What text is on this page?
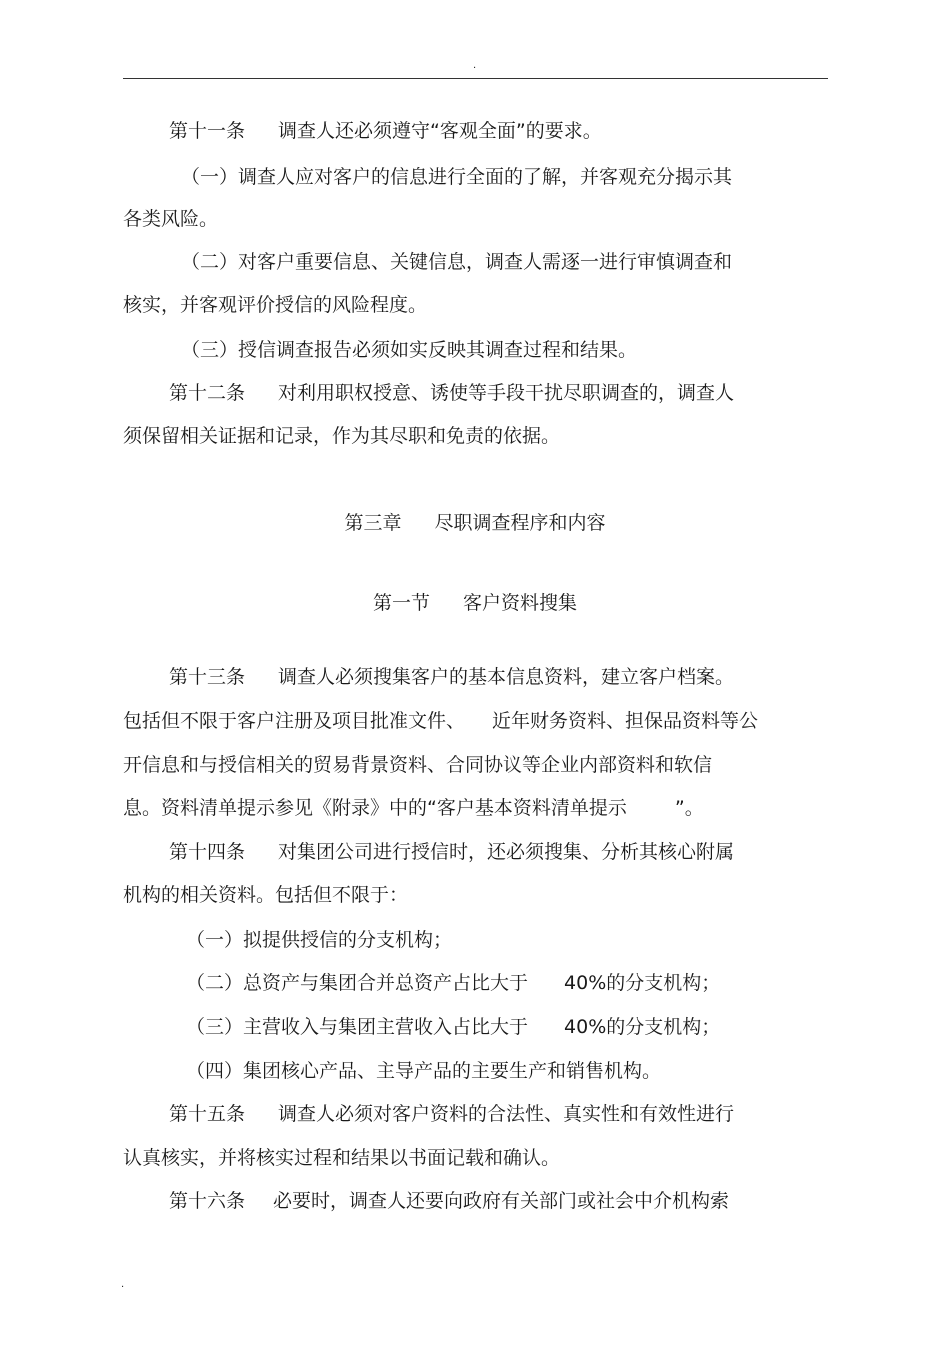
.
第十一条 调查人还必须遵守“客观全面”的要求。
（一）调查人应对客户的信息进行全面的了解，并客观充分揭示其
各类风险。
（二）对客户重要信息、关键信息，调查人需逐一进行审慎调查和
核实，并客观评价授信的风险程度。
（三）授信调查报告必须如实反映其调查过程和结果。
第十二条 对利用职权授意、诱使等手段干扰尽职调查的，调查人
须保留相关证据和记录，作为其尽职和免责的依据。
第三章 尽职调查程序和内容
第一节 客户资料搜集
第十三条 调查人必须搜集客户的基本信息资料，建立客户档案。
包括但不限于客户注册及项目批准文件、 近年财务资料、担保品资料等公
开信息和与授信相关的贸易背景资料、合同协议等企业内部资料和软信
息。资料清单提示参见《附录》中的“客户基本资料清单提示	”。
第十四条 对集团公司进行授信时，还必须搜集、分析其核心附属
机构的相关资料。包括但不限于：
（一）拟提供授信的分支机构；
（二）总资产与集团合并总资产占比大于 40%的分支机构；
（三）主营收入与集团主营收入占比大于 40%的分支机构；
（四）集团核心产品、主导产品的主要生产和销售机构。
第十五条 调查人必须对客户资料的合法性、真实性和有效性进行
认真核实，并将核实过程和结果以书面记载和确认。
第十六条 必要时，调查人还要向政府有关部门或社会中介机构索
.
